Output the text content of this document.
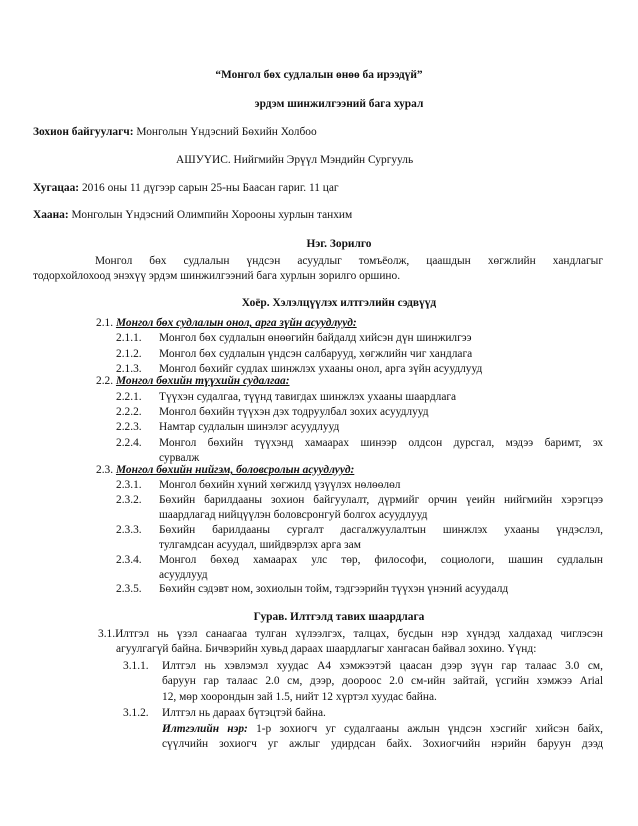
“Монгол бөх судлалын өнөө ба ирээдүй”

эрдэм шинжилгээний бага хурал

Зохион байгуулагч: Монголын Үндэсний Бөхийн Холбоо

АШУҮИС. Нийгмийн Эрүүл Мэндийн Сургууль

Хугацаа: 2016 оны 11 дүгээр сарын 25-ны Баасан гариг. 11 цаг

Хаана: Монголын Үндэсний Олимпийн Хорооны хурлын танхим

Нэг. Зорилго

Монгол бөх судлалын үндсэн асуудлыг томъёолж, цаашдын хөгжлийн хандлагыг

тодорхойлохоод энэхүү эрдэм шинжилгээний бага хурлын зорилго оршино.

Хоёр. Хэлэлцүүлэх илтгэлийн сэдвүүд

2.1. Монгол бөх судлалын онол, арга зүйн асуудлууд:

2.1.1. Монгол бөх судлалын өнөөгийн байдалд хийсэн дүн шинжилгээ

2.1.2. Монгол бөх судлалын үндсэн салбарууд, хөгжлийн чиг хандлага

2.1.3. Монгол бөхийг судлах шинжлэх ухааны онол, арга зүйн асуудлууд

2.2. Монгол бөхийн түүхийн судалгаа:

2.2.1. Түүхэн судалгаа, түүнд тавигдах шинжлэх ухааны шаардлага

2.2.2. Монгол бөхийн түүхэн дэх тодруулбал зохих асуудлууд

2.2.3. Намтар судлалын шинэлэг асуудлууд

2.2.4. Монгол бөхийн түүхэнд хамаарах шинээр олдсон дурсгал, мэдээ баримт, эх

сурвалж

2.3. Монгол бөхийн нийгэм, боловсролын асуудлууд:

2.3.1. Монгол бөхийн хүний хөгжилд үзүүлэх нөлөөлөл

2.3.2. Бөхийн барилдааны зохион байгуулалт, дүрмийг орчин үеийн нийгмийн хэрэгцээ

шаардлагад нийцүүлэн боловсронгуй болгох асуудлууд

2.3.3. Бөхийн барилдааны сургалт дасгалжуулалтын шинжлэх ухааны үндэслэл,

тулгамдсан асуудал, шийдвэрлэх арга зам

2.3.4. Монгол бөхөд хамаарах улс төр, философи, социологи, шашин судлалын

асуудлууд

2.3.5. Бөхийн сэдэвт ном, зохиолын тойм, тэдгээрийн түүхэн үнэний асуудалд

Гурав. Илтгэлд тавих шаардлага

3.1.Илтгэл нь үзэл санаагаа тулган хүлээлгэх, талцах, бусдын нэр хүндэд халдахад чиглэсэн

агуулгагүй байна. Бичвэрийн хувьд дараах шаардлагыг хангасан байвал зохино. Үүнд:

3.1.1. Илтгэл нь хэвлэмэл хуудас А4 хэмжээтэй цаасан дээр зүүн гар талаас 3.0 см,

баруун гар талаас 2.0 см, дээр, доороос 2.0 см-ийн зайтай, үсгийн хэмжээ Arial

12, мөр хоорондын зай 1.5, нийт 12 хүртэл хуудас байна.

3.1.2. Илтгэл нь дараах бүтэцтэй байна.

Илтгэлийн нэр: 1-р зохиогч уг судалгааны ажлын үндсэн хэсгийг хийсэн байх,

сүүлчийн зохиогч уг ажлыг удирдсан байх. Зохиогчийн нэрийн баруун дээд
